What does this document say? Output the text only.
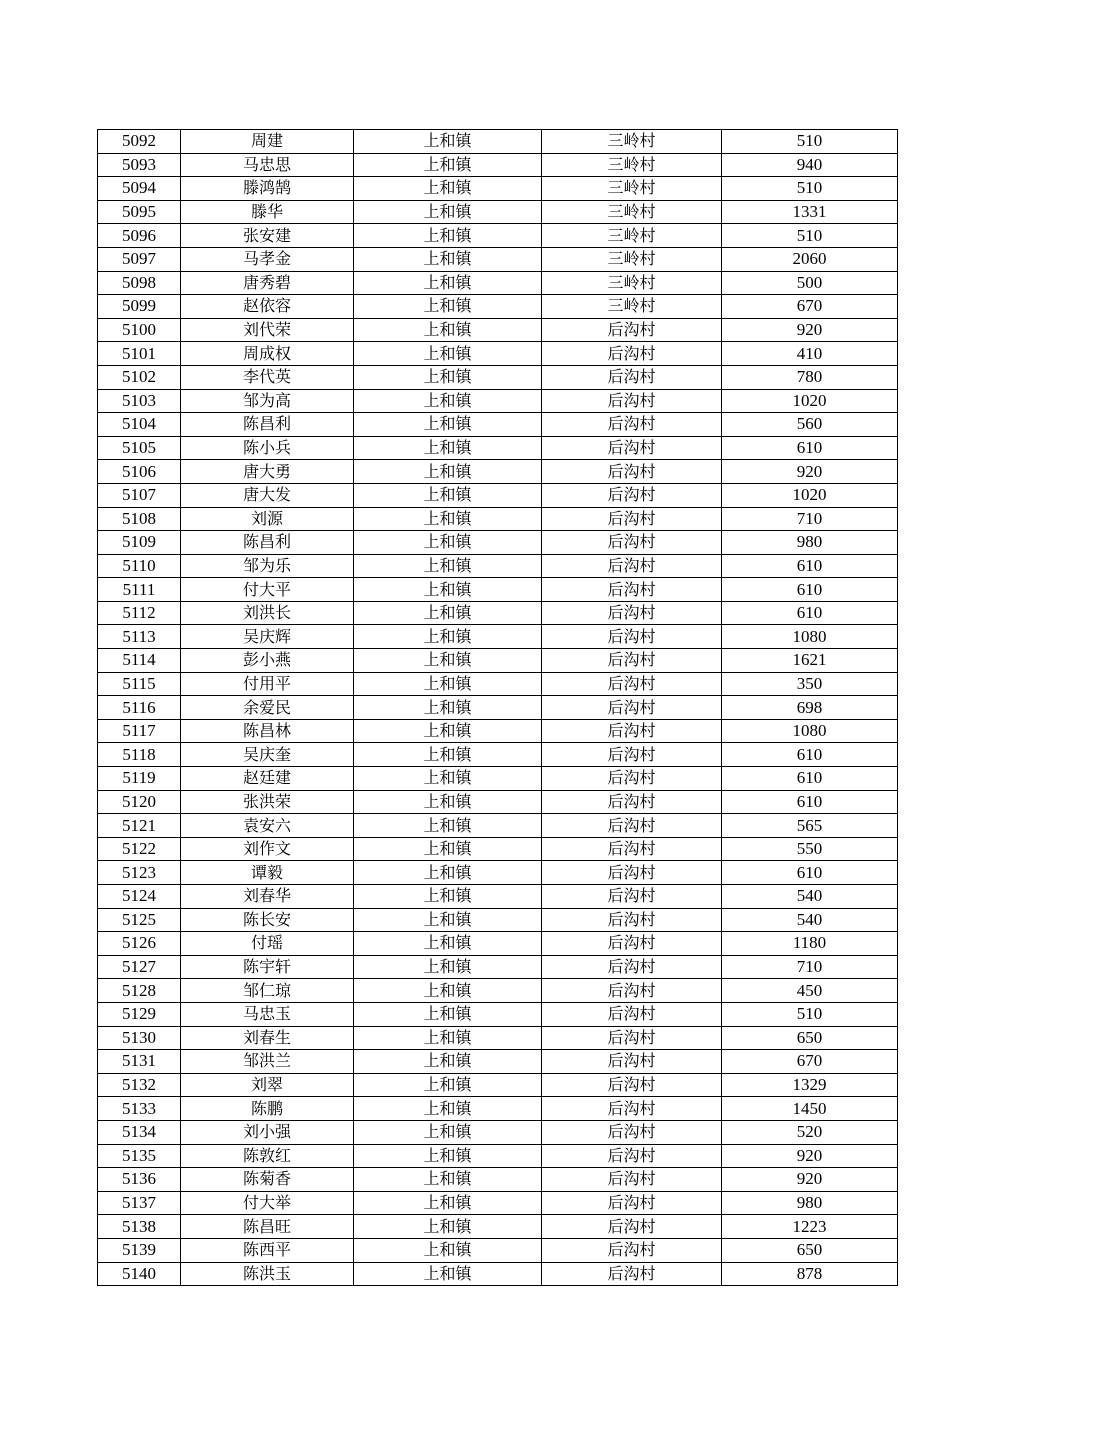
5092	周建	上和镇	三岭村	510
5093	马忠思	上和镇	三岭村	940
5094	滕鸿鹄	上和镇	三岭村	510
5095	滕华	上和镇	三岭村	1331
5096	张安建	上和镇	三岭村	510
5097	马孝金	上和镇	三岭村	2060
5098	唐秀碧	上和镇	三岭村	500
5099	赵依容	上和镇	三岭村	670
5100	刘代荣	上和镇	后沟村	920
5101	周成权	上和镇	后沟村	410
5102	李代英	上和镇	后沟村	780
5103	邹为高	上和镇	后沟村	1020
5104	陈昌利	上和镇	后沟村	560
5105	陈小兵	上和镇	后沟村	610
5106	唐大勇	上和镇	后沟村	920
5107	唐大发	上和镇	后沟村	1020
5108	刘源	上和镇	后沟村	710
5109	陈昌利	上和镇	后沟村	980
5110	邹为乐	上和镇	后沟村	610
5111	付大平	上和镇	后沟村	610
5112	刘洪长	上和镇	后沟村	610
5113	吴庆辉	上和镇	后沟村	1080
5114	彭小燕	上和镇	后沟村	1621
5115	付用平	上和镇	后沟村	350
5116	余爱民	上和镇	后沟村	698
5117	陈昌林	上和镇	后沟村	1080
5118	吴庆奎	上和镇	后沟村	610
5119	赵廷建	上和镇	后沟村	610
5120	张洪荣	上和镇	后沟村	610
5121	袁安六	上和镇	后沟村	565
5122	刘作文	上和镇	后沟村	550
5123	谭毅	上和镇	后沟村	610
5124	刘春华	上和镇	后沟村	540
5125	陈长安	上和镇	后沟村	540
5126	付瑶	上和镇	后沟村	1180
5127	陈宇轩	上和镇	后沟村	710
5128	邹仁琼	上和镇	后沟村	450
5129	马忠玉	上和镇	后沟村	510
5130	刘春生	上和镇	后沟村	650
5131	邹洪兰	上和镇	后沟村	670
5132	刘翠	上和镇	后沟村	1329
5133	陈鹏	上和镇	后沟村	1450
5134	刘小强	上和镇	后沟村	520
5135	陈敦红	上和镇	后沟村	920
5136	陈菊香	上和镇	后沟村	920
5137	付大举	上和镇	后沟村	980
5138	陈昌旺	上和镇	后沟村	1223
5139	陈西平	上和镇	后沟村	650
5140	陈洪玉	上和镇	后沟村	878
